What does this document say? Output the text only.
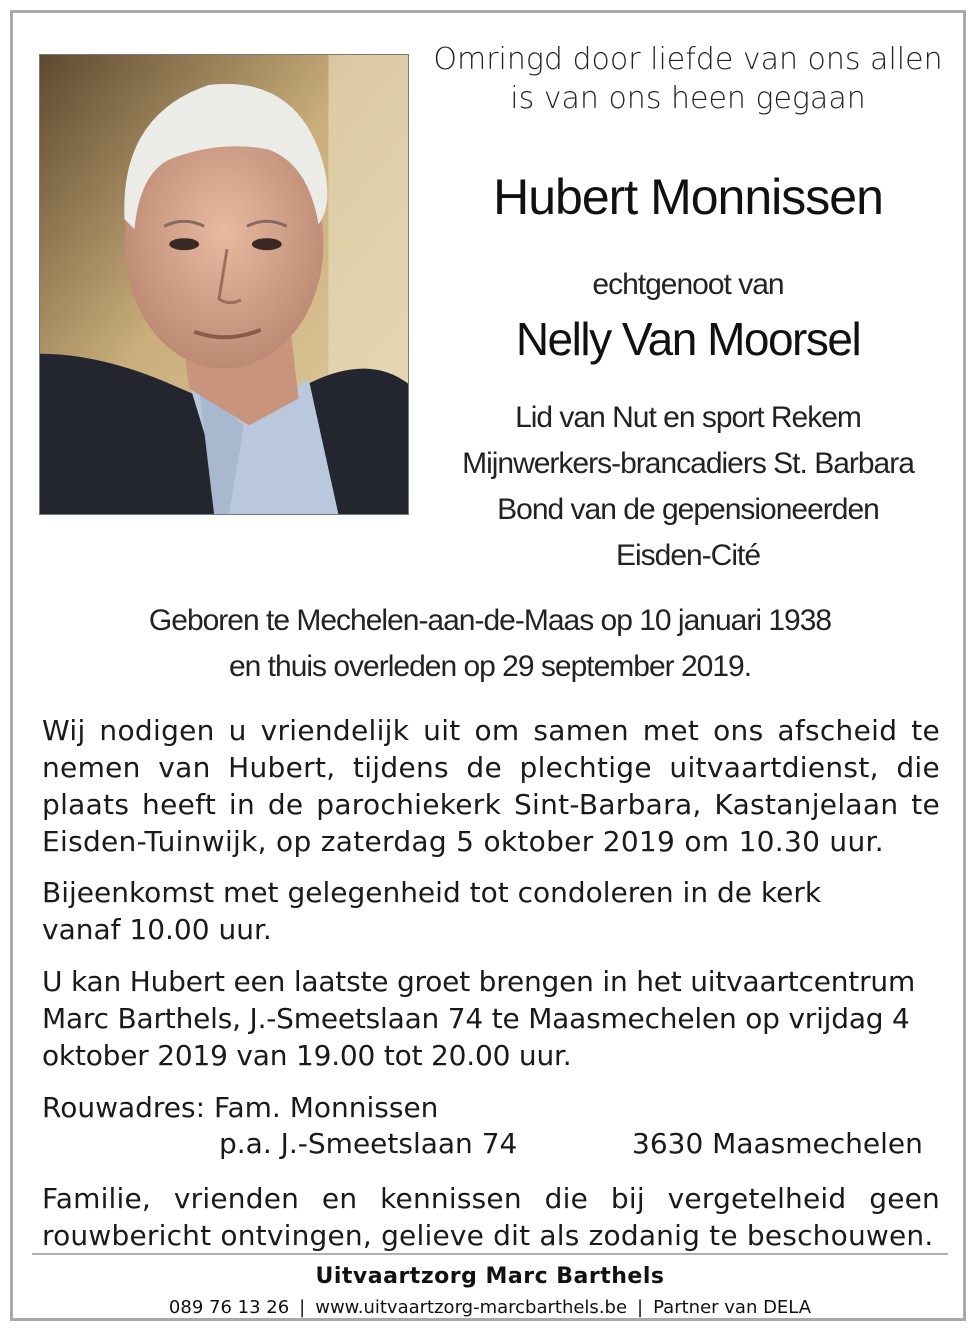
Omringd door liefde van ons allen
is van ons heen gegaan
Hubert Monnissen
echtgenoot van
Nelly Van Moorsel
Lid van Nut en sport Rekem
Mijnwerkers-brancadiers St. Barbara
Bond van de gepensioneerden
Eisden-Cité
Geboren te Mechelen-aan-de-Maas op 10 januari 1938
en thuis overleden op 29 september 2019.

Wij nodigen u vriendelijk uit om samen met ons afscheid te nemen van Hubert, tijdens de plechtige uitvaartdienst, die plaats heeft in de parochiekerk Sint-Barbara, Kastanjelaan te Eisden-Tuinwijk, op zaterdag 5 oktober 2019 om 10.30 uur.

Bijeenkomst met gelegenheid tot condoleren in de kerk
vanaf 10.00 uur.

U kan Hubert een laatste groet brengen in het uitvaartcentrum Marc Barthels, J.-Smeetslaan 74 te Maasmechelen op vrijdag 4 oktober 2019 van 19.00 tot 20.00 uur.

Rouwadres: Fam. Monnissen
p.a. J.-Smeetslaan 74	3630 Maasmechelen

Familie, vrienden en kennissen die bij vergetelheid geen rouwbericht ontvingen, gelieve dit als zodanig te beschouwen.

Uitvaartzorg Marc Barthels
089 76 13 26 | www.uitvaartzorg-marcbarthels.be | Partner van DELA
